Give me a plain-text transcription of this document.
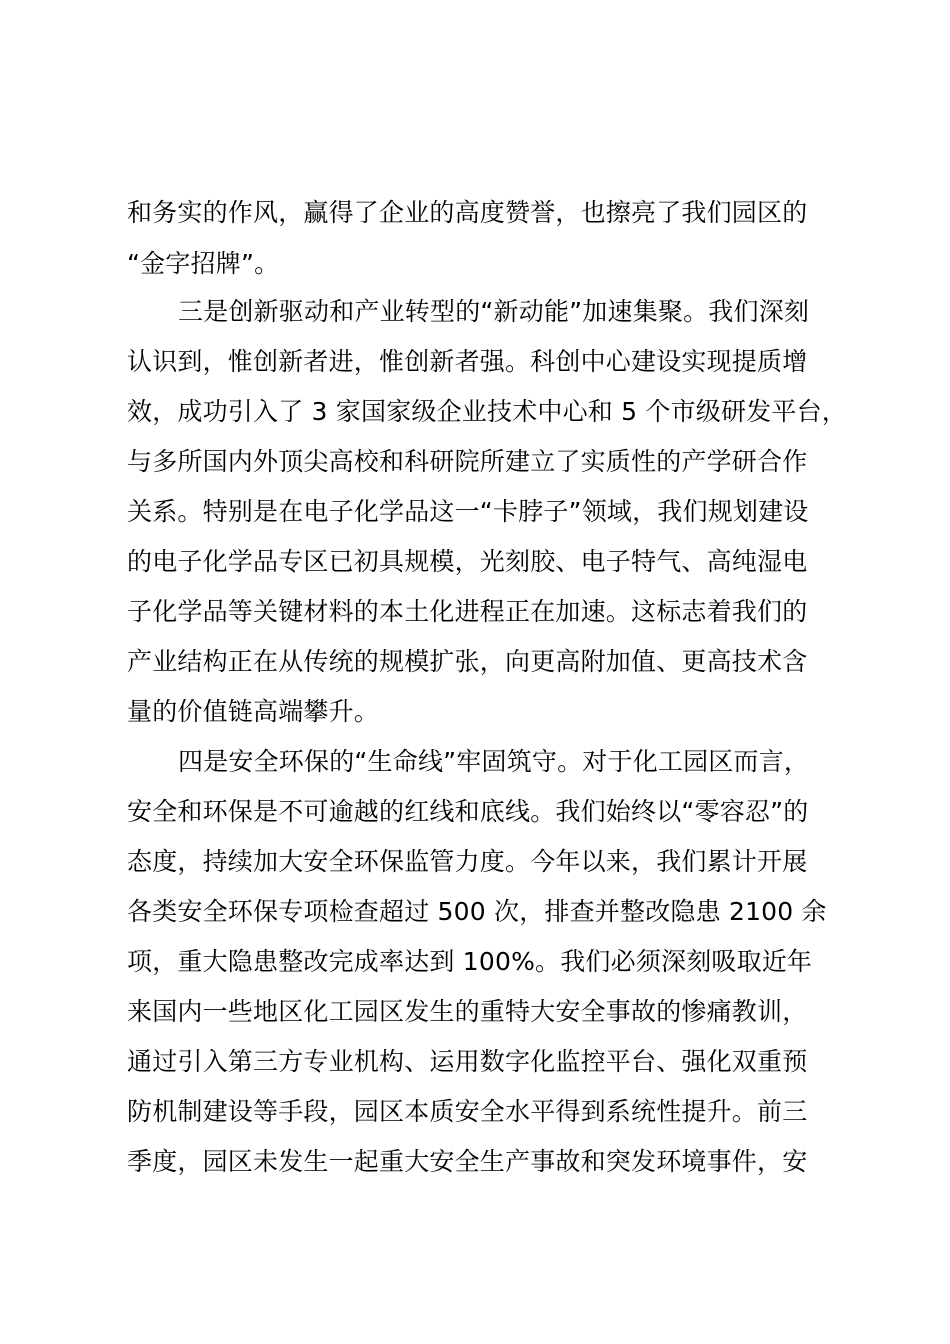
和务实的作风，赢得了企业的高度赞誉，也擦亮了我们园区的
“金字招牌”。
三是创新驱动和产业转型的“新动能”加速集聚。我们深刻
认识到，惟创新者进，惟创新者强。科创中心建设实现提质增
效，成功引入了 3 家国家级企业技术中心和 5 个市级研发平台，
与多所国内外顶尖高校和科研院所建立了实质性的产学研合作
关系。特别是在电子化学品这一“卡脖子”领域，我们规划建设
的电子化学品专区已初具规模，光刻胶、电子特气、高纯湿电
子化学品等关键材料的本土化进程正在加速。这标志着我们的
产业结构正在从传统的规模扩张，向更高附加值、更高技术含
量的价值链高端攀升。
四是安全环保的“生命线”牢固筑守。对于化工园区而言，
安全和环保是不可逾越的红线和底线。我们始终以“零容忍”的
态度，持续加大安全环保监管力度。今年以来，我们累计开展
各类安全环保专项检查超过 500 次，排查并整改隐患 2100 余
项，重大隐患整改完成率达到 100%。我们必须深刻吸取近年
来国内一些地区化工园区发生的重特大安全事故的惨痛教训，
通过引入第三方专业机构、运用数字化监控平台、强化双重预
防机制建设等手段，园区本质安全水平得到系统性提升。前三
季度，园区未发生一起重大安全生产事故和突发环境事件，安
